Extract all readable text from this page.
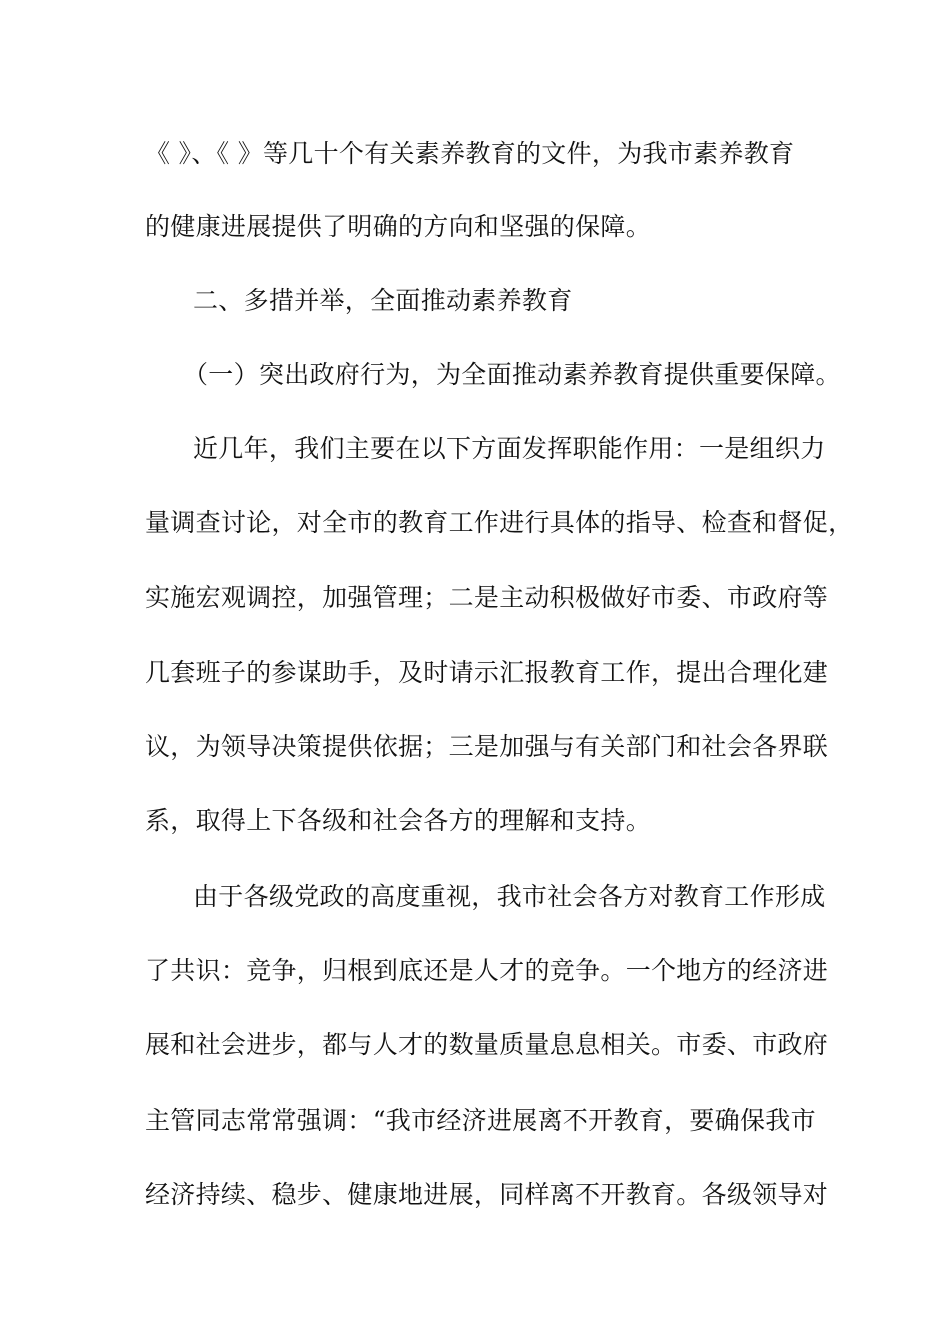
《 》、《 》等几十个有关素养教育的文件，为我市素养教育
的健康进展提供了明确的方向和坚强的保障。
二、多措并举，全面推动素养教育
（一）突出政府行为，为全面推动素养教育提供重要保障。
近几年，我们主要在以下方面发挥职能作用：一是组织力
量调查讨论，对全市的教育工作进行具体的指导、检查和督促，
实施宏观调控，加强管理；二是主动积极做好市委、市政府等
几套班子的参谋助手，及时请示汇报教育工作，提出合理化建
议，为领导决策提供依据；三是加强与有关部门和社会各界联
系，取得上下各级和社会各方的理解和支持。
由于各级党政的高度重视，我市社会各方对教育工作形成
了共识：竞争，归根到底还是人才的竞争。一个地方的经济进
展和社会进步，都与人才的数量质量息息相关。市委、市政府
主管同志常常强调：“我市经济进展离不开教育，要确保我市
经济持续、稳步、健康地进展，同样离不开教育。各级领导对
